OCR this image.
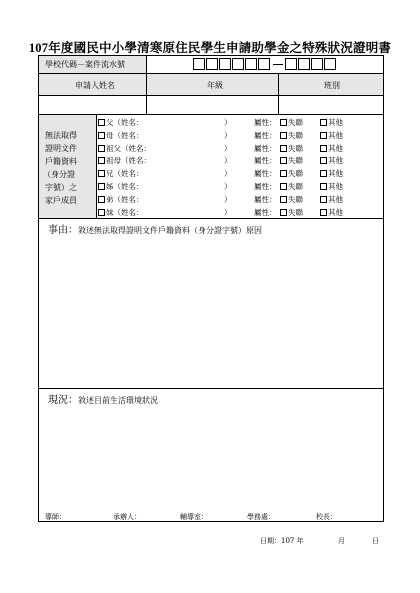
107年度國民中小學清寒原住民學生申請助學金之特殊狀況證明書
學校代碼－案件流水號
申請人姓名	年級	班別
無法取得
證明文件
戶籍資料
（身分證
字號）之
家戶成員
父（姓名：	）	屬性：	失聯	其他
母（姓名：	）	屬性：	失聯	其他
祖父（姓名：	）	屬性：	失聯	其他
祖母（姓名：	）	屬性：	失聯	其他
兄（姓名：	）	屬性：	失聯	其他
姊（姓名：	）	屬性：	失聯	其他
弟（姓名：	）	屬性：	失聯	其他
妹（姓名：	）	屬性：	失聯	其他
事由：敘述無法取得證明文件戶籍資料（身分證字號）原因
現況：敘述目前生活環境狀況
導師：	承辦人：	輔導室：	學務處：	校長：
日期：107 年	月	日
